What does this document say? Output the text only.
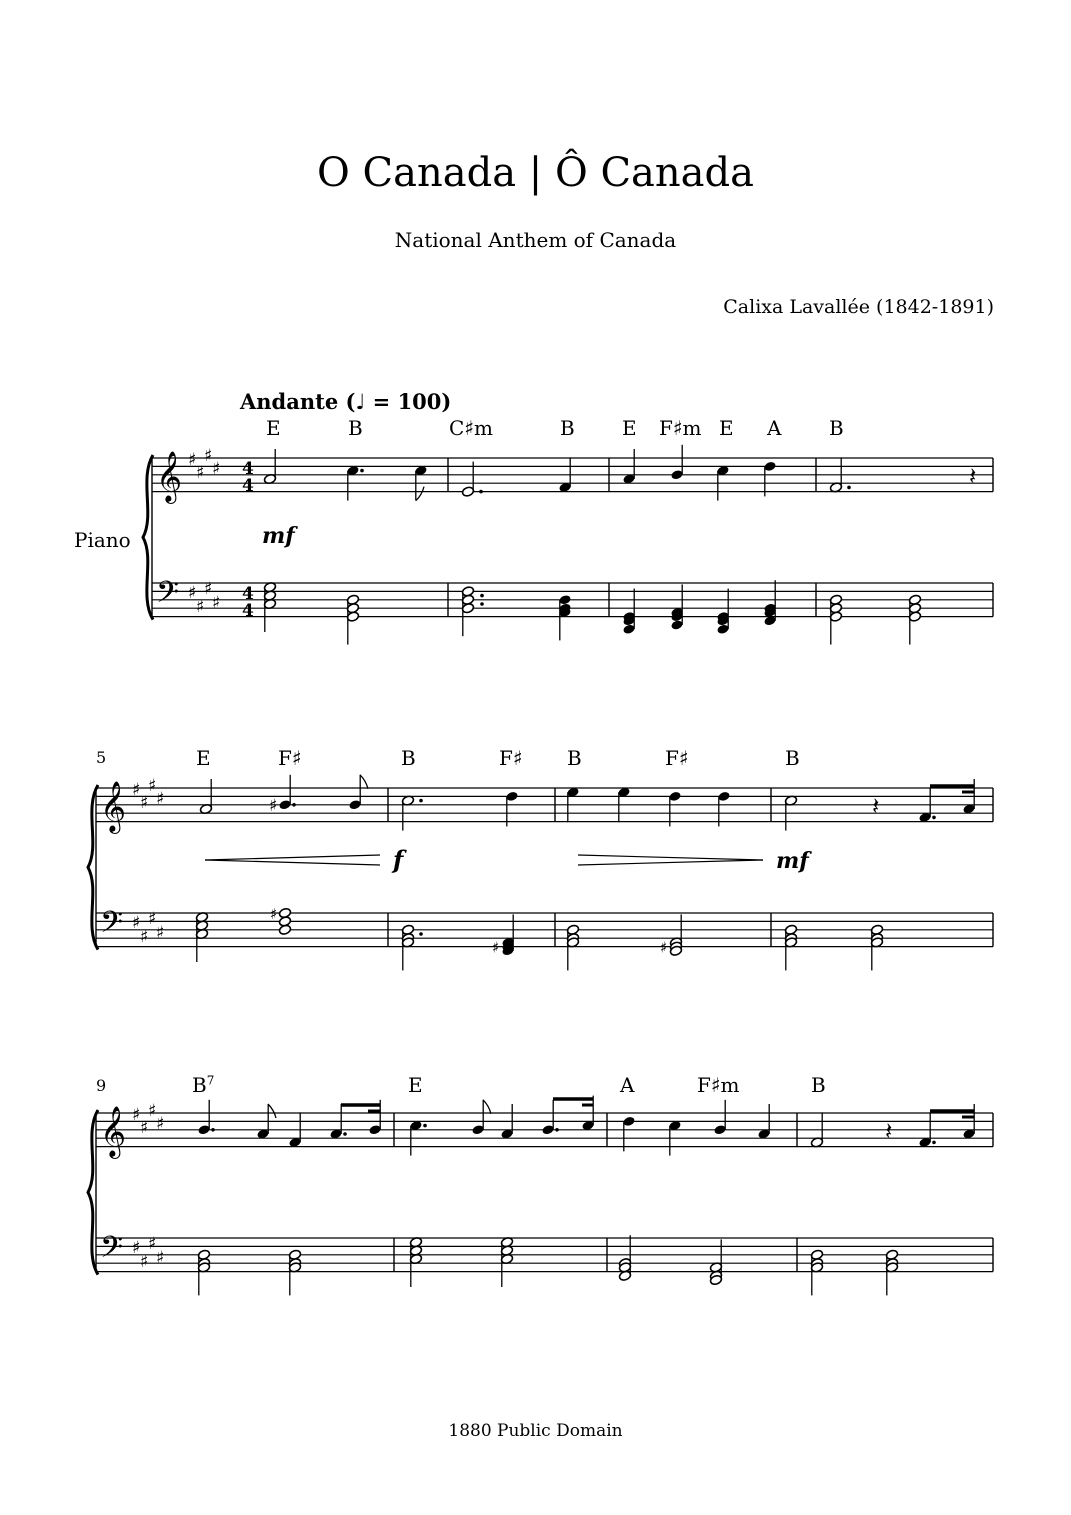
O Canada | Ô Canada
National Anthem of Canada
Calixa Lavallée (1842-1891)
Andante (♩ = 100)
Piano
1880 Public Domain
E	B	C♯m	B E F♯m E A B
5	E	F♯	B	F♯ B	F♯	B
9	$B^7$	E	A	F♯m	B
𝄞
𝄢
♯
♯
♯
♯
♯
♯
♯
♯
4
4
4
4
𝄽
mf
𝄞
𝄢
♯
♯
♯
♯
♯
♯
♯
♯
♯	𝄽
f	mf
♯
♯	♯
𝄞
𝄢
♯
♯
♯
♯
♯
♯
♯
♯
𝄽
